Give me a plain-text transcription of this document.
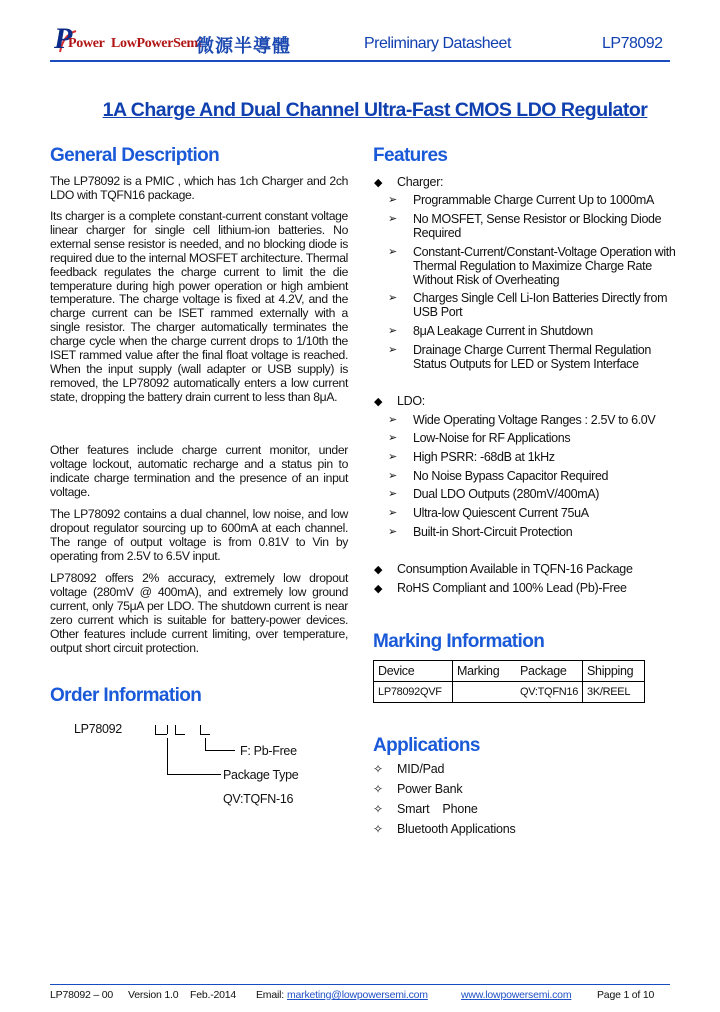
P
Power LowPowerSemi
微源半導體	Preliminary Datasheet	LP78092
1A Charge And Dual Channel Ultra-Fast CMOS LDO Regulator
General Description
The LP78092 is a PMIC , which has 1ch Charger and 2ch LDO with TQFN16 package.
Its charger is a complete constant-current constant voltage linear charger for single cell lithium-ion batteries. No external sense resistor is needed, and no blocking diode is required due to the internal MOSFET architecture. Thermal feedback regulates the charge current to limit the die temperature during high power operation or high ambient temperature. The charge voltage is fixed at 4.2V, and the charge current can be ISET rammed externally with a single resistor. The charger automatically terminates the charge cycle when the charge current drops to 1/10th the ISET rammed value after the final float voltage is reached. When the input supply (wall adapter or USB supply) is removed, the LP78092 automatically enters a low current state, dropping the battery drain current to less than 8μA.
Other features include charge current monitor, under voltage lockout, automatic recharge and a status pin to indicate charge termination and the presence of an input voltage.
The LP78092 contains a dual channel, low noise, and low dropout regulator sourcing up to 600mA at each channel. The range of output voltage is from 0.81V to Vin by operating from 2.5V to 6.5V input.
LP78092 offers 2% accuracy, extremely low dropout voltage (280mV @ 400mA), and extremely low ground current, only 75μA per LDO. The shutdown current is near zero current which is suitable for battery-power devices. Other features include current limiting, over temperature, output short circuit protection.
Order Information
LP78092
F: Pb-Free
Package Type
QV:TQFN-16
Features
◆ Charger:
➢ Programmable Charge Current Up to 1000mA
➢ No MOSFET, Sense Resistor or Blocking Diode Required
➢ Constant-Current/Constant-Voltage Operation with Thermal Regulation to Maximize Charge Rate Without Risk of Overheating
➢ Charges Single Cell Li-Ion Batteries Directly from USB Port
➢ 8μA Leakage Current in Shutdown
➢ Drainage Charge Current Thermal Regulation Status Outputs for LED or System Interface
◆ LDO:
➢ Wide Operating Voltage Ranges : 2.5V to 6.0V
➢ Low-Noise for RF Applications
➢ High PSRR: -68dB at 1kHz
➢ No Noise Bypass Capacitor Required
➢ Dual LDO Outputs (280mV/400mA)
➢ Ultra-low Quiescent Current 75uA
➢ Built-in Short-Circuit Protection
◆ Consumption Available in TQFN-16 Package
◆ RoHS Compliant and 100% Lead (Pb)-Free
Marking Information
Device	Marking	Package	Shipping
LP78092QVF		QV:TQFN16	3K/REEL
Applications
✧ MID/Pad
✧ Power Bank
✧ Smart    Phone
✧ Bluetooth Applications
LP78092 – 00 Version 1.0 Feb.-2014 Email: marketing@lowpowersemi.com	www.lowpowersemi.com Page 1 of 10
